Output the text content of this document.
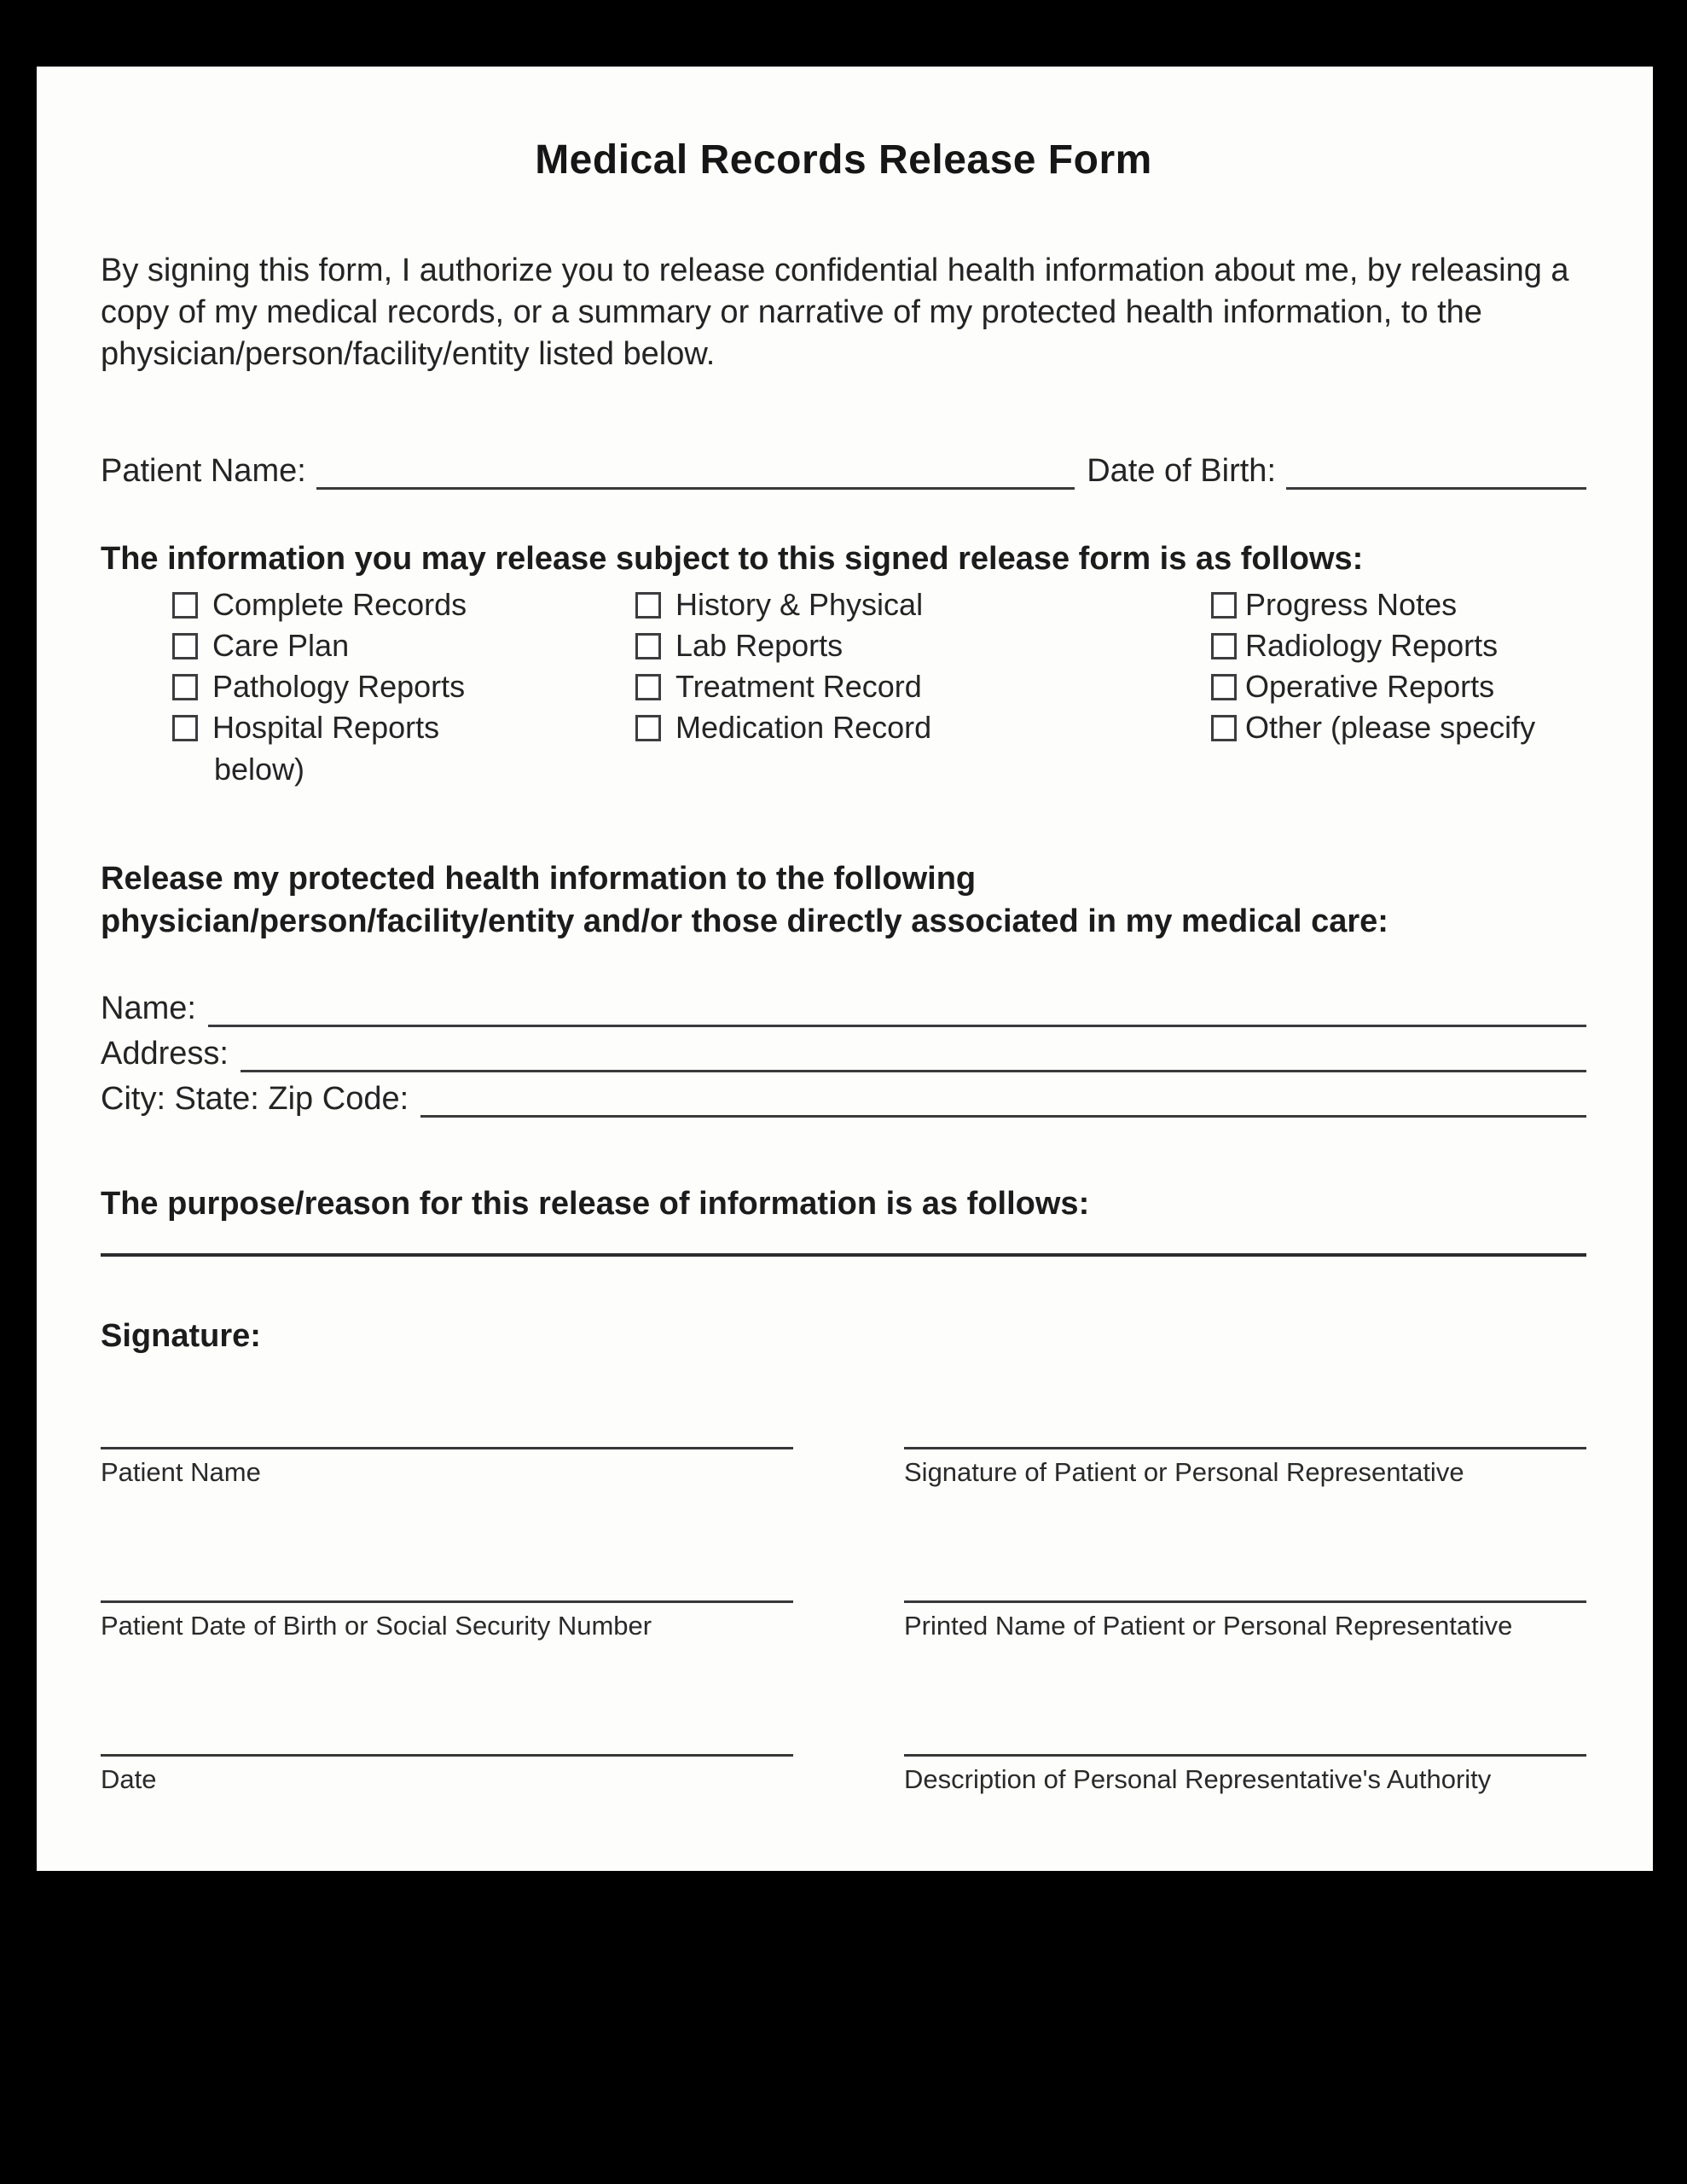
Medical Records Release Form

By signing this form, I authorize you to release confidential health information about me, by releasing a copy of my medical records, or a summary or narrative of my protected health information, to the physician/person/facility/entity listed below.

Patient Name:	Date of Birth:
The information you may release subject to this signed release form is as follows:
Complete Records
Care Plan
Pathology Reports
Hospital Reports
below)
History & Physical
Lab Reports
Treatment Record
Medication Record
Progress Notes
Radiology Reports
Operative Reports
Other (please specify
Release my protected health information to the following
physician/person/facility/entity and/or those directly associated in my medical care:
Name:
Address:
City: State: Zip Code:
The purpose/reason for this release of information is as follows:
Signature:
Patient Name	Signature of Patient or Personal Representative
Patient Date of Birth or Social Security Number	Printed Name of Patient or Personal Representative
Date	Description of Personal Representative's Authority
